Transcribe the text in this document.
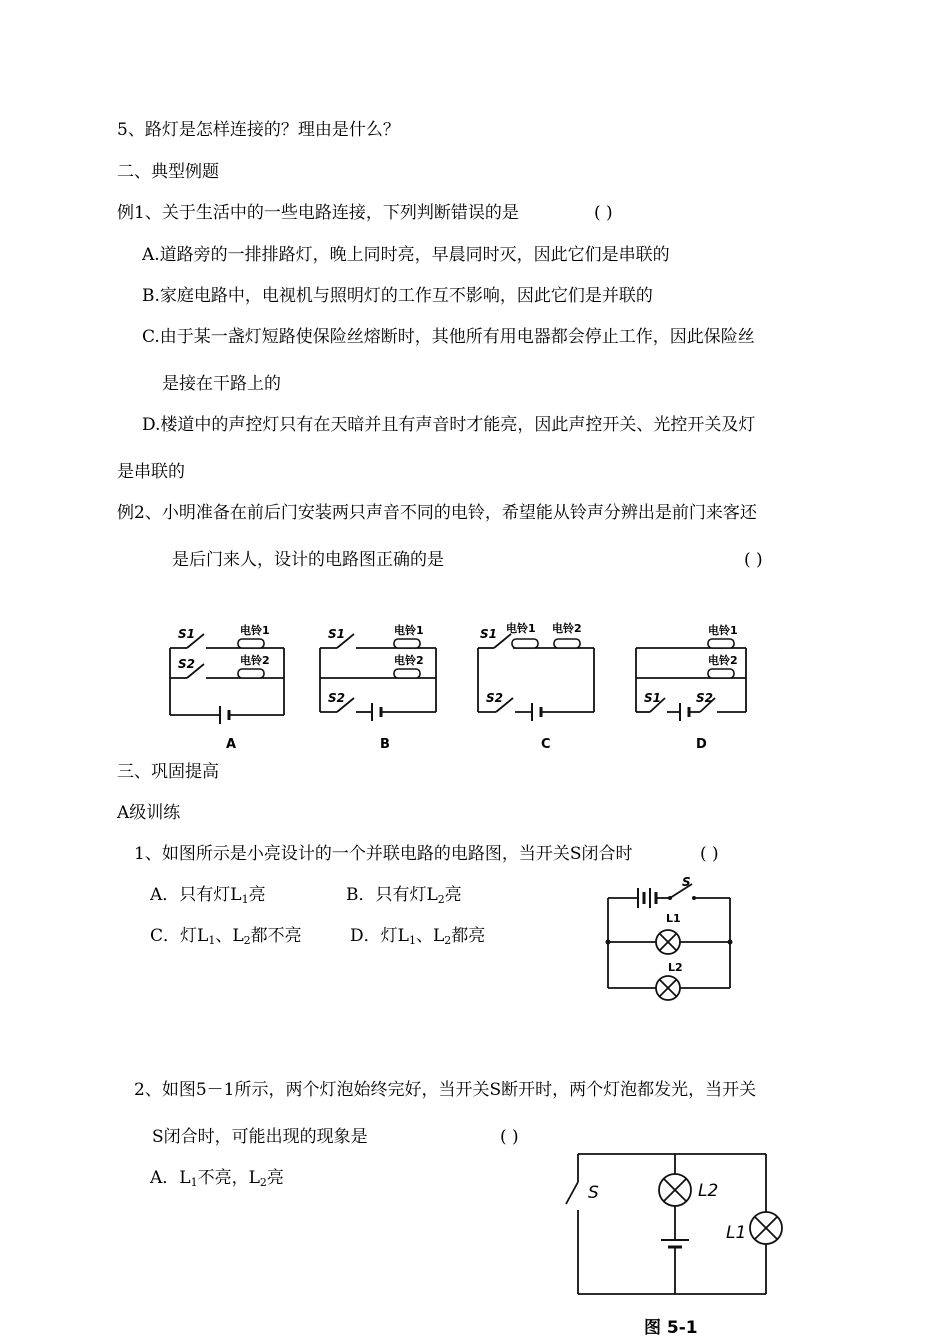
5、路灯是怎样连接的？理由是什么？
二、典型例题
例1、关于生活中的一些电路连接，下列判断错误的是	( )
A.道路旁的一排排路灯，晚上同时亮，早晨同时灭，因此它们是串联的
B.家庭电路中，电视机与照明灯的工作互不影响，因此它们是并联的
C.由于某一盏灯短路使保险丝熔断时，其他所有用电器都会停止工作，因此保险丝
是接在干路上的
D.楼道中的声控灯只有在天暗并且有声音时才能亮，因此声控开关、光控开关及灯
是串联的
例2、小明准备在前后门安装两只声音不同的电铃，希望能从铃声分辨出是前门来客还
是后门来人，设计的电路图正确的是	( )
S1
S2
电铃1
电铃2
A
S1
S2
电铃1
电铃2
B
S1
S2
电铃1 电铃2
C
S1	S2
电铃1
电铃2
D
三、巩固提高
A级训练
1、如图所示是小亮设计的一个并联电路的电路图，当开关S闭合时	( )
A．只有灯$L_1$亮	B．只有灯$L_2$亮
C．灯$L_1$、$L_2$都不亮	D．灯$L_1$、$L_2$都亮
S
L1
L2
2、如图5－1所示，两个灯泡始终完好，当开关S断开时，两个灯泡都发光，当开关
S闭合时，可能出现的现象是	( )
A．$L_1$不亮，$L_2$亮
S	L2
L1
图 5-1
